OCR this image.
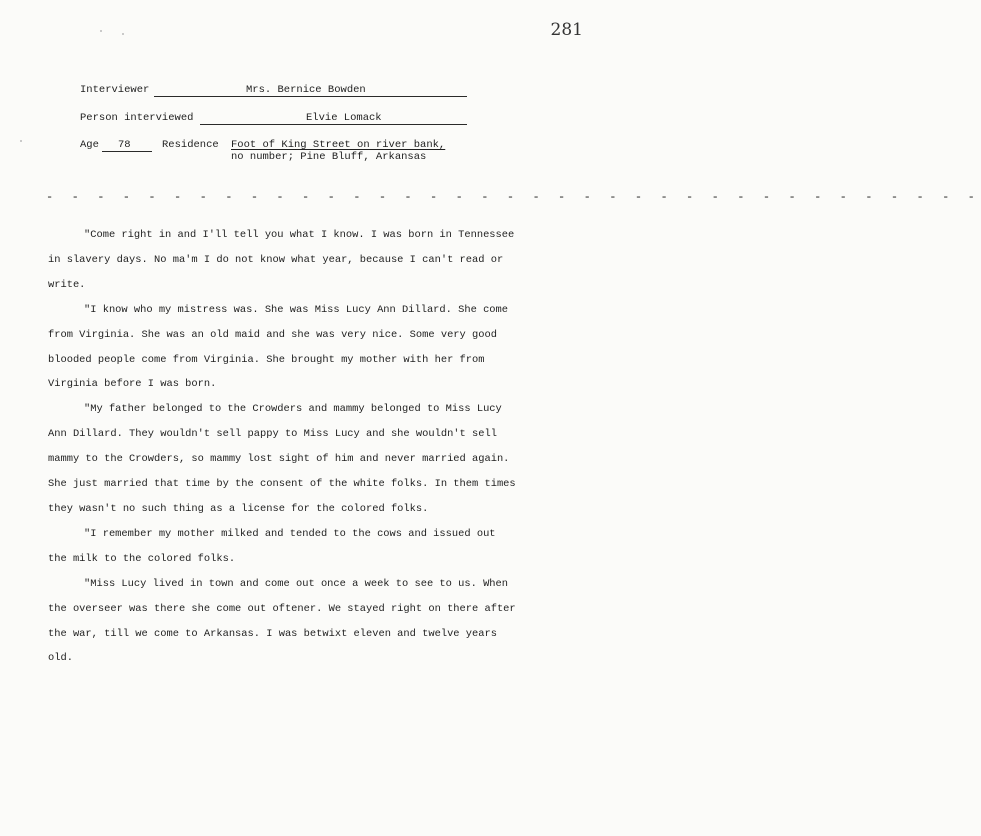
281
Interviewer	Mrs. Bernice Bowden
Person interviewed	Elvie Lomack
Age 78	Residence Foot of King Street on river bank,
no number; Pine Bluff, Arkansas
- - - - - - - - - - - - - - - - - - - - - - - - - - - - - - - - - - - - -

"Come right in and I'll tell you what I know. I was born in Tennessee in slavery days. No ma'm I do not know what year, because I can't read or write.

"I know who my mistress was. She was Miss Lucy Ann Dillard. She come from Virginia. She was an old maid and she was very nice. Some very good blooded people come from Virginia. She brought my mother with her from Virginia before I was born.

"My father belonged to the Crowders and mammy belonged to Miss Lucy Ann Dillard. They wouldn't sell pappy to Miss Lucy and she wouldn't sell mammy to the Crowders, so mammy lost sight of him and never married again. She just married that time by the consent of the white folks. In them times they wasn't no such thing as a license for the colored folks.

"I remember my mother milked and tended to the cows and issued out the milk to the colored folks.

"Miss Lucy lived in town and come out once a week to see to us. When the overseer was there she come out oftener. We stayed right on there after the war, till we come to Arkansas. I was betwixt eleven and twelve years old.
